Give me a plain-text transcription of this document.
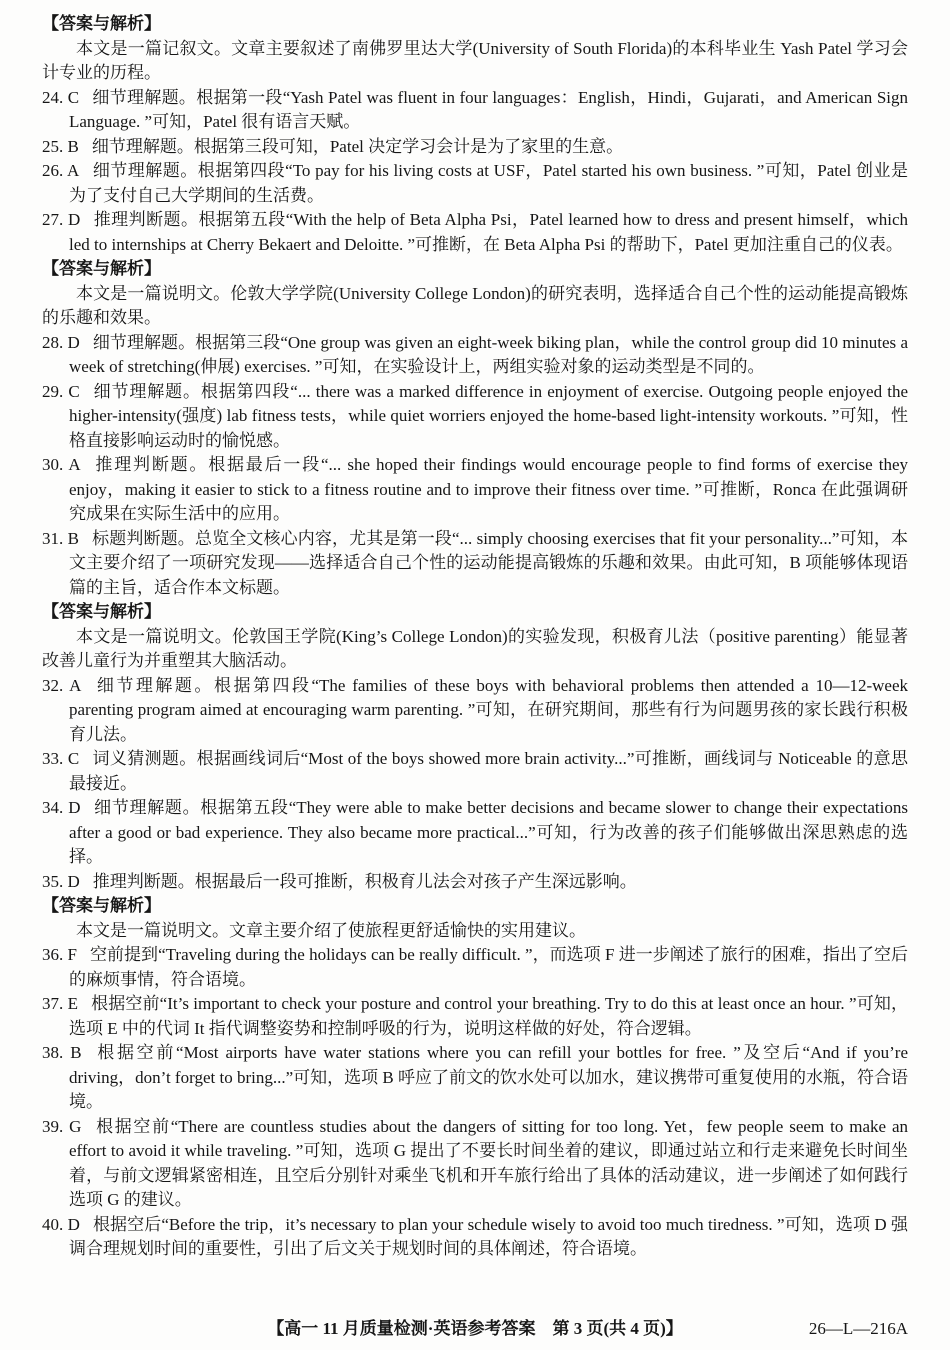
【答案与解析】

本文是一篇记叙文。文章主要叙述了南佛罗里达大学(University of South Florida)的本科毕业生 Yash Patel 学习会计专业的历程。

24. C 细节理解题。根据第一段“Yash Patel was fluent in four languages：English，Hindi，Gujarati，and American Sign Language. ”可知，Patel 很有语言天赋。
25. B 细节理解题。根据第三段可知，Patel 决定学习会计是为了家里的生意。
26. A 细节理解题。根据第四段“To pay for his living costs at USF，Patel started his own business. ”可知，Patel 创业是为了支付自己大学期间的生活费。
27. D 推理判断题。根据第五段“With the help of Beta Alpha Psi，Patel learned how to dress and present himself，which led to internships at Cherry Bekaert and Deloitte. ”可推断，在 Beta Alpha Psi 的帮助下，Patel 更加注重自己的仪表。
【答案与解析】

本文是一篇说明文。伦敦大学学院(University College London)的研究表明，选择适合自己个性的运动能提高锻炼的乐趣和效果。

28. D 细节理解题。根据第三段“One group was given an eight-week biking plan，while the control group did 10 minutes a week of stretching(伸展) exercises. ”可知，在实验设计上，两组实验对象的运动类型是不同的。
29. C 细节理解题。根据第四段“... there was a marked difference in enjoyment of exercise. Outgoing people enjoyed the higher-intensity(强度) lab fitness tests，while quiet worriers enjoyed the home-based light-intensity workouts. ”可知，性格直接影响运动时的愉悦感。
30. A 推理判断题。根据最后一段“... she hoped their findings would encourage people to find forms of exercise they enjoy，making it easier to stick to a fitness routine and to improve their fitness over time. ”可推断，Ronca 在此强调研究成果在实际生活中的应用。
31. B 标题判断题。总览全文核心内容，尤其是第一段“... simply choosing exercises that fit your personality...”可知，本文主要介绍了一项研究发现——选择适合自己个性的运动能提高锻炼的乐趣和效果。由此可知，B 项能够体现语篇的主旨，适合作本文标题。
【答案与解析】

本文是一篇说明文。伦敦国王学院(King’s College London)的实验发现，积极育儿法（positive parenting）能显著改善儿童行为并重塑其大脑活动。

32. A 细节理解题。根据第四段“The families of these boys with behavioral problems then attended a 10—12-week parenting program aimed at encouraging warm parenting. ”可知，在研究期间，那些有行为问题男孩的家长践行积极育儿法。
33. C 词义猜测题。根据画线词后“Most of the boys showed more brain activity...”可推断，画线词与 Noticeable 的意思最接近。
34. D 细节理解题。根据第五段“They were able to make better decisions and became slower to change their expectations after a good or bad experience. They also became more practical...”可知，行为改善的孩子们能够做出深思熟虑的选择。
35. D 推理判断题。根据最后一段可推断，积极育儿法会对孩子产生深远影响。
【答案与解析】

本文是一篇说明文。文章主要介绍了使旅程更舒适愉快的实用建议。

36. F 空前提到“Traveling during the holidays can be really difficult. ”，而选项 F 进一步阐述了旅行的困难，指出了空后的麻烦事情，符合语境。
37. E 根据空前“It’s important to check your posture and control your breathing. Try to do this at least once an hour. ”可知，选项 E 中的代词 It 指代调整姿势和控制呼吸的行为，说明这样做的好处，符合逻辑。
38. B 根据空前“Most airports have water stations where you can refill your bottles for free. ”及空后“And if you’re driving，don’t forget to bring...”可知，选项 B 呼应了前文的饮水处可以加水，建议携带可重复使用的水瓶，符合语境。
39. G 根据空前“There are countless studies about the dangers of sitting for too long. Yet，few people seem to make an effort to avoid it while traveling. ”可知，选项 G 提出了不要长时间坐着的建议，即通过站立和行走来避免长时间坐着，与前文逻辑紧密相连，且空后分别针对乘坐飞机和开车旅行给出了具体的活动建议，进一步阐述了如何践行选项 G 的建议。
40. D 根据空后“Before the trip，it’s necessary to plan your schedule wisely to avoid too much tiredness. ”可知，选项 D 强调合理规划时间的重要性，引出了后文关于规划时间的具体阐述，符合语境。
【高一 11 月质量检测·英语参考答案　第 3 页(共 4 页)】	26—L—216A
